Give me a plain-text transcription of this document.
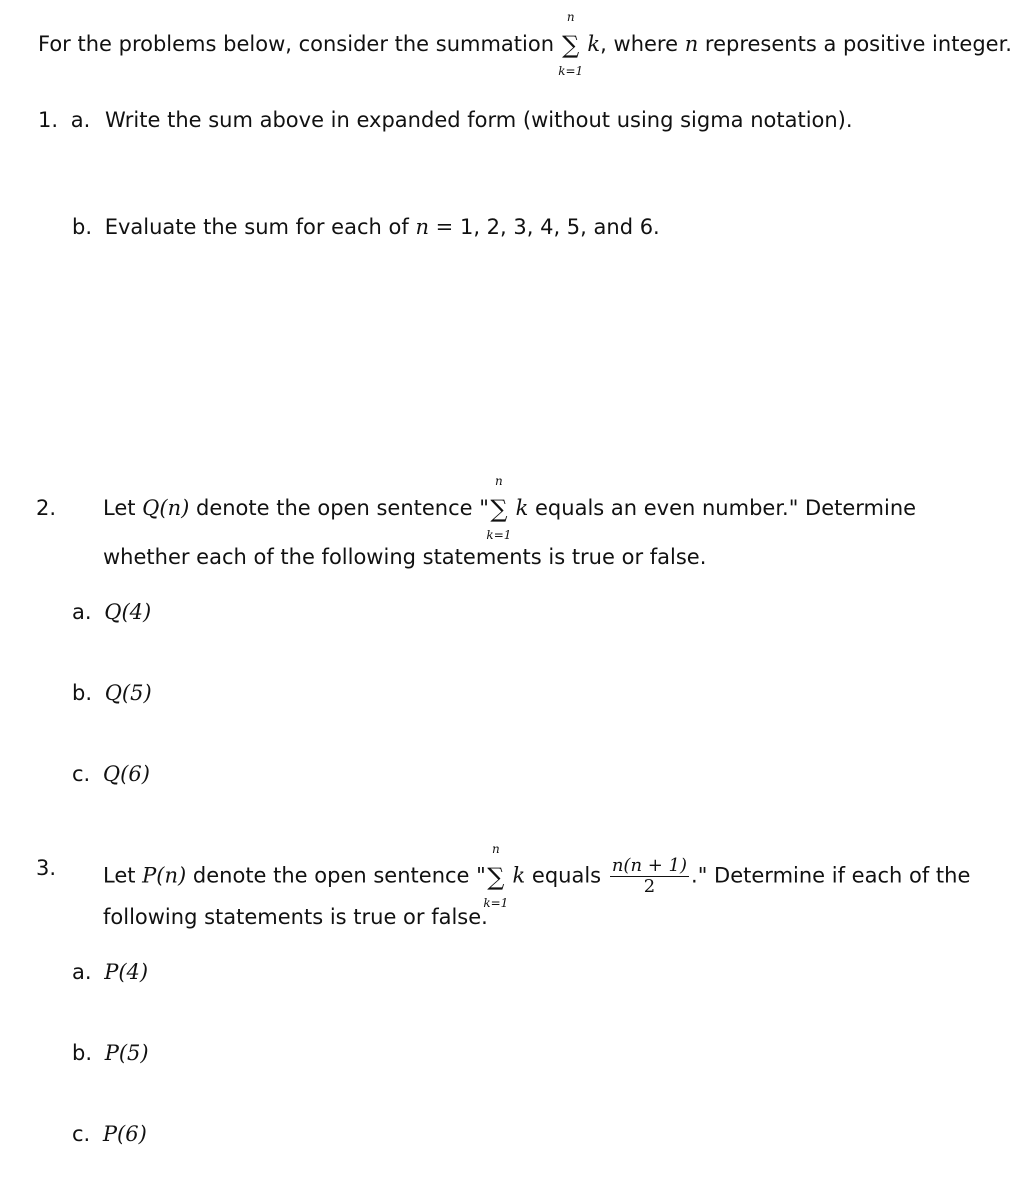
For the problems below, consider the summation
n
∑
k=1
k, where n represents a positive integer.
1. a. Write the sum above in expanded form (without using sigma notation).
b. Evaluate the sum for each of n = 1, 2, 3, 4, 5, and 6.
2. Let Q(n) denote the open sentence "
n
∑
k=1
k equals an even number." Determine
whether each of the following statements is true or false.
a. Q(4)
b. Q(5)
c. Q(6)
3. Let P(n) denote the open sentence "
n
∑
k=1
k equals $\frac{n(n + 1)}{2}$ ." Determine if each of the
following statements is true or false.
a. P(4)
b. P(5)
c. P(6)
